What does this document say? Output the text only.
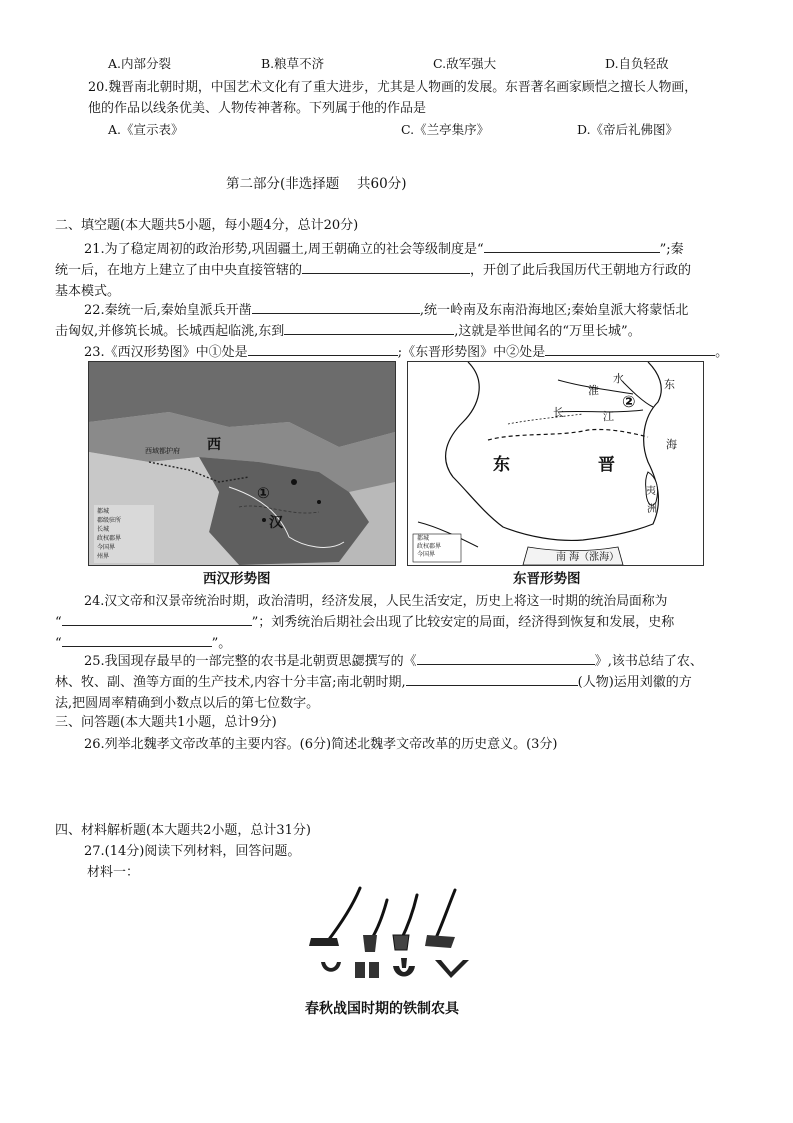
A.内部分裂	B.粮草不济	C.敌军强大	D.自负轻敌
20.魏晋南北朝时期，中国艺术文化有了重大进步，尤其是人物画的发展。东晋著名画家顾恺之擅长人物画，
他的作品以线条优美、人物传神著称。下列属于他的作品是
A.《宣示表》	C.《兰亭集序》	D.《帝后礼佛图》
第二部分(非选择题　 共60分)
二、填空题(本大题共5小题，每小题4分，总计20分)
21.为了稳定周初的政治形势,巩固疆土,周王朝确立的社会等级制度是“	”;秦
统一后，在地方上建立了由中央直接管辖的	，开创了此后我国历代王朝地方行政的
基本模式。
22.秦统一后,秦始皇派兵开凿	,统一岭南及东南沿海地区;秦始皇派大将蒙恬北
击匈奴,并修筑长城。长城西起临洮,东到	,这就是举世闻名的“万里长城”。
23.《西汉形势图》中①处是	;《东晋形势图》中②处是	。
西
汉
①
西域都护府
都城
郡级驻所
长城
政权郡界
今国界
州界
西汉形势图
东	晋
淮
水
长	江
东
海
夷
洲
南 海（涨海）
②
都城
政权郡界
今国界
东晋形势图
24.汉文帝和汉景帝统治时期，政治清明，经济发展，人民生活安定，历史上将这一时期的统治局面称为
“	”；刘秀统治后期社会出现了比较安定的局面，经济得到恢复和发展，史称
“	”。
25.我国现存最早的一部完整的农书是北朝贾思勰撰写的《	》,该书总结了农、
林、牧、副、渔等方面的生产技术,内容十分丰富;南北朝时期,	(人物)运用刘徽的方
法,把圆周率精确到小数点以后的第七位数字。
三、问答题(本大题共1小题，总计9分)
26.列举北魏孝文帝改革的主要内容。(6分)简述北魏孝文帝改革的历史意义。(3分)
四、材料解析题(本大题共2小题，总计31分)
27.(14分)阅读下列材料，回答问题。
材料一：
春秋战国时期的铁制农具
